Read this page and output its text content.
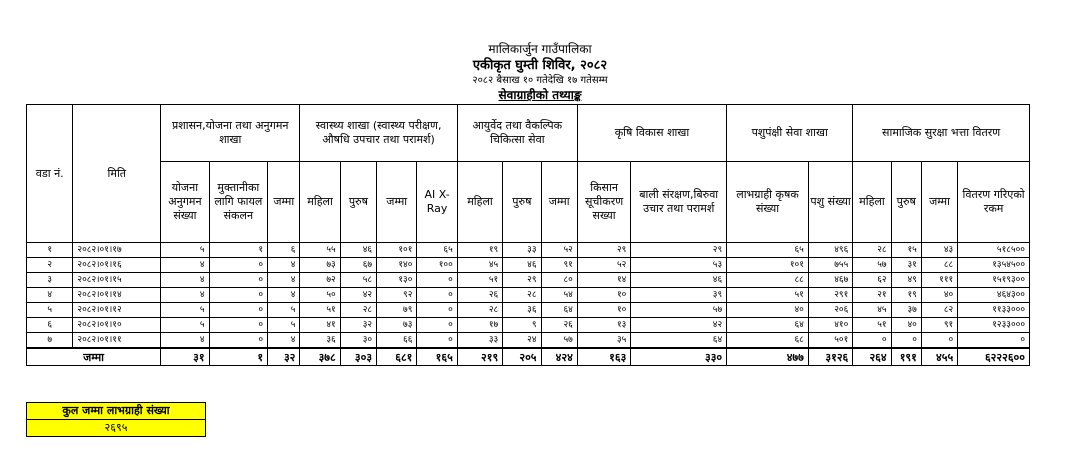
मालिकार्जुन गाउँपालिका
एकीकृत घुम्ती शिविर, २०८२
२०८२ बैसाख १० गतेदेखि १७ गतेसम्म
सेवाग्राहीको तथ्याङ्क
वडा नं.	मिति	प्रशासन,योजना तथा अनुगमन शाखा			स्वास्थ्य शाखा (स्वास्थ्य परीक्षण, औषधि उपचार तथा परामर्श)				आयुर्वेद तथा वैकल्पिक चिकित्सा सेवा			कृषि विकास शाखा		पशुपंक्षी सेवा शाखा		सामाजिक सुरक्षा भत्ता वितरण			
		योजना अनुगमन संख्या	मुक्तानीका लागि फायल संकलन	जम्मा	महिला	पुरुष	जम्मा	AI X-Ray	महिला	पुरुष	जम्मा	किसान सूचीकरण सख्या	बाली संरक्षण,बिरुवा उचार तथा परामर्श	लाभग्राही कृषक संख्या	पशु संख्या	महिला	पुरुष	जम्मा	वितरण गरिएको रकम
१	२०८२।०१।१७	५	१	६	५५	४६	१०१	६५	१९	३३	५२	२९	२९	६५	४९६	२८	१५	४३	५१८५००
२	२०८२।०१।१६	४	०	४	७३	६७	१४०	१००	४५	४६	९१	५२	५३	१०१	७५५	५७	३१	८८	१३५४५००
३	२०८२।०१।१५	४	०	४	७२	५८	१३०	०	५१	२९	८०	१४	४६	८८	४६७	६२	४९	१११	१५१९३००
४	२०८२।०१।१४	४	०	४	५०	४२	९२	०	२६	२८	५४	१०	३९	५१	२९१	२१	१९	४०	४६४३००
५	२०८२।०१।१२	५	०	५	५१	२८	७९	०	२८	३६	६४	१०	५७	४०	२०६	४५	३७	८२	११३३०००
६	२०८२।०१।१०	५	०	५	४१	३२	७३	०	१७	९	२६	१३	४२	६४	४१०	५१	४०	९१	१२३३०००
७	२०८२।०१।११	४	०	४	३६	३०	६६	०	३३	२४	५७	३५	६४	६८	५०१	०	०	०	०
जम्मा		३१	१	३२	३७८	३०३	६८१	१६५	२१९	२०५	४२४	१६३	३३०	४७७	३१२६	२६४	१९१	४५५	६२२२६००
कुल जम्मा लाभग्राही संख्या
२६९५
